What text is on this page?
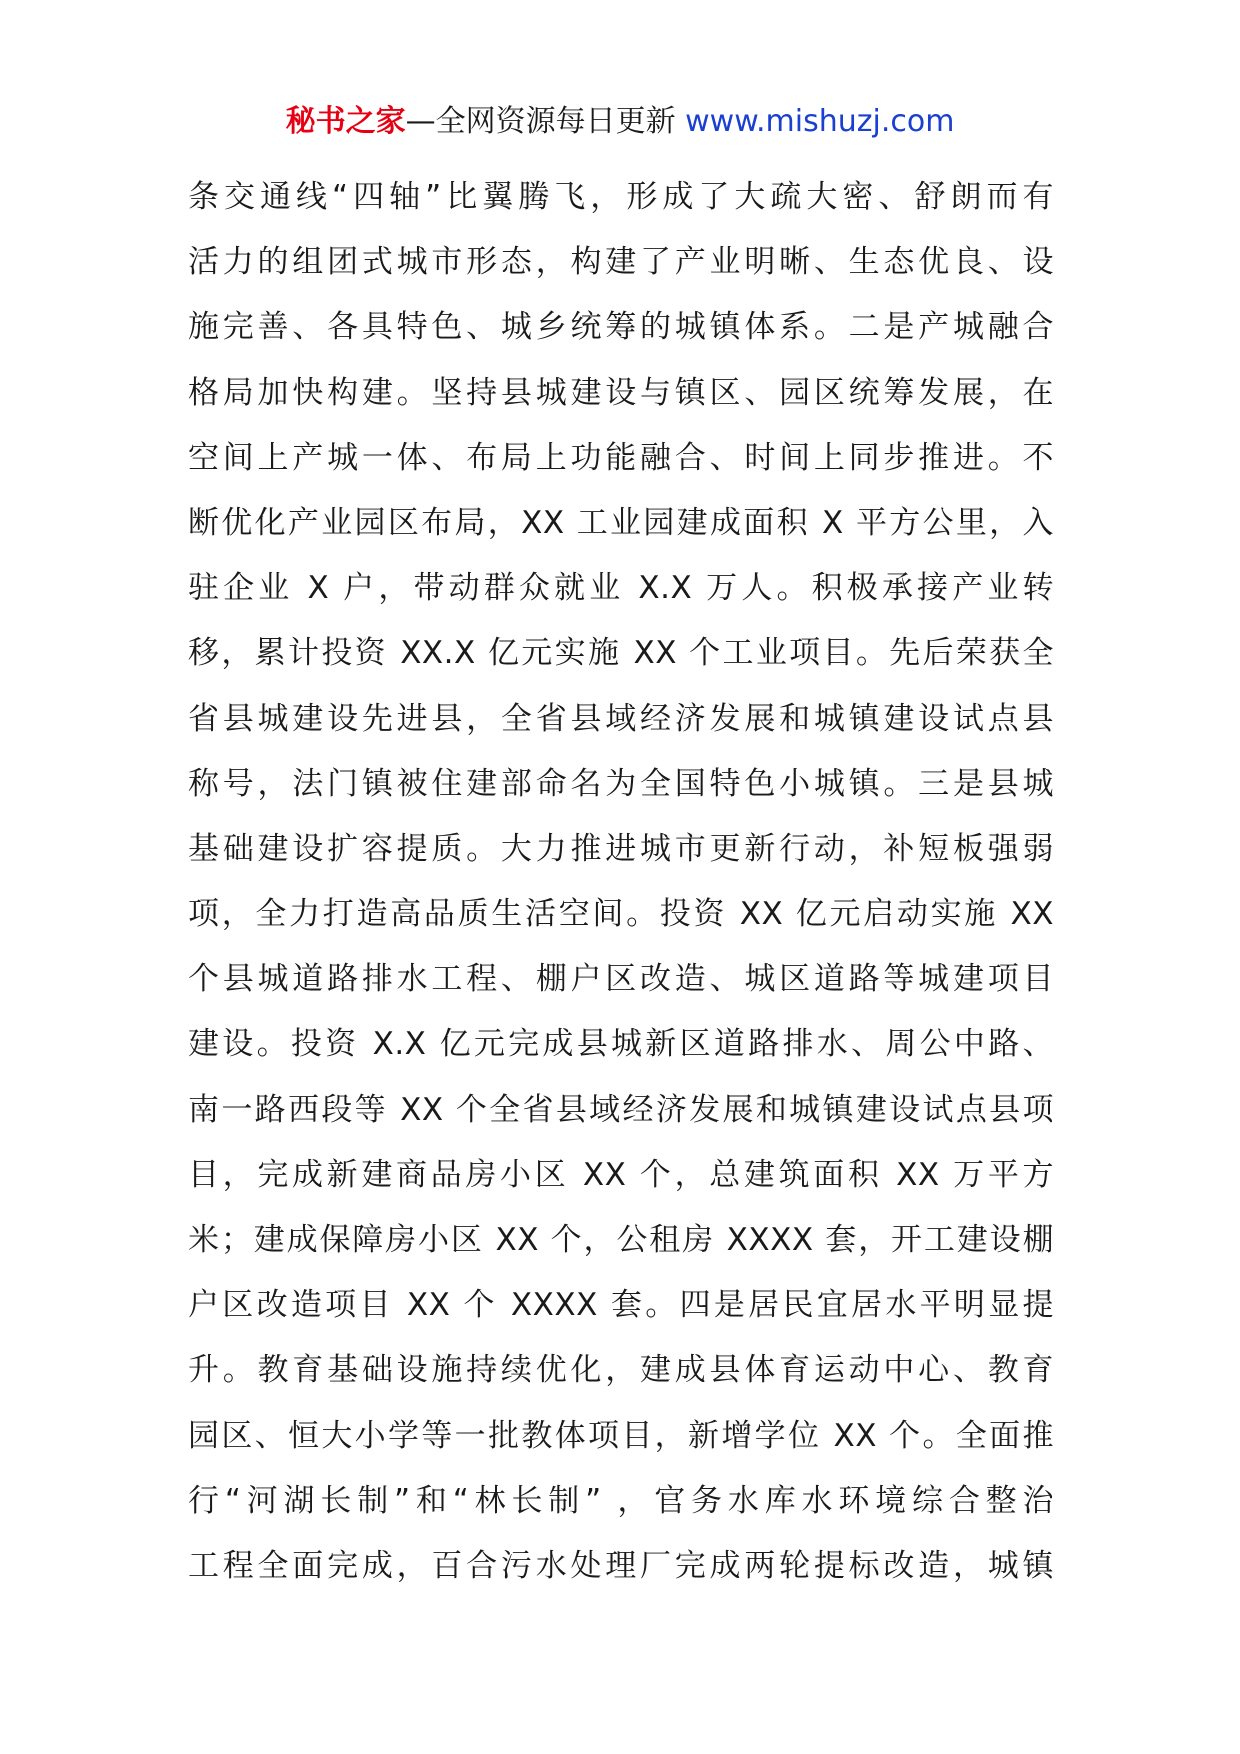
秘书之家—全网资源每日更新 www.mishuzj.com
条交通线“四轴”比翼腾飞，形成了大疏大密、舒朗而有
活力的组团式城市形态，构建了产业明晰、生态优良、设
施完善、各具特色、城乡统筹的城镇体系。二是产城融合
格局加快构建。坚持县城建设与镇区、园区统筹发展，在
空间上产城一体、布局上功能融合、时间上同步推进。不
断优化产业园区布局，XX 工业园建成面积 X 平方公里，入
驻企业 X 户，带动群众就业 X.X 万人。积极承接产业转
移，累计投资 XX.X 亿元实施 XX 个工业项目。先后荣获全
省县城建设先进县，全省县域经济发展和城镇建设试点县
称号，法门镇被住建部命名为全国特色小城镇。三是县城
基础建设扩容提质。大力推进城市更新行动，补短板强弱
项，全力打造高品质生活空间。投资 XX 亿元启动实施 XX
个县城道路排水工程、棚户区改造、城区道路等城建项目
建设。投资 X.X 亿元完成县城新区道路排水、周公中路、
南一路西段等 XX 个全省县域经济发展和城镇建设试点县项
目，完成新建商品房小区 XX 个，总建筑面积 XX 万平方
米；建成保障房小区 XX 个，公租房 XXXX 套，开工建设棚
户区改造项目 XX 个 XXXX 套。四是居民宜居水平明显提
升。教育基础设施持续优化，建成县体育运动中心、教育
园区、恒大小学等一批教体项目，新增学位 XX 个。全面推
行“河湖长制”和“林长制” ，官务水库水环境综合整治
工程全面完成，百合污水处理厂完成两轮提标改造，城镇
